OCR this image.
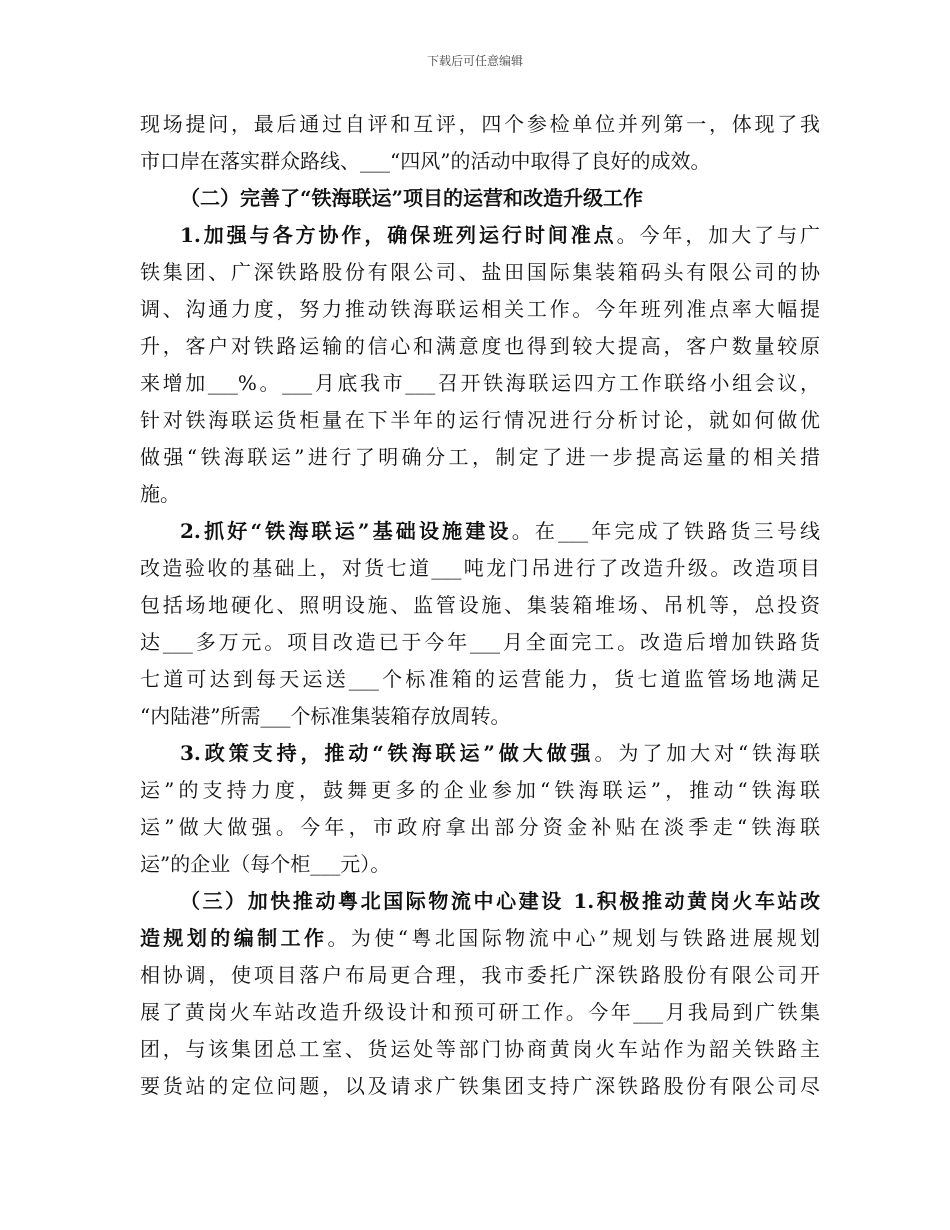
下载后可任意编辑
现场提问，最后通过自评和互评，四个参检单位并列第一，体现了我
市口岸在落实群众路线、___“四风”的活动中取得了良好的成效。
（二）完善了“铁海联运”项目的运营和改造升级工作
1.加强与各方协作，确保班列运行时间准点。今年，加大了与广
铁集团、广深铁路股份有限公司、盐田国际集装箱码头有限公司的协
调、沟通力度，努力推动铁海联运相关工作。今年班列准点率大幅提
升，客户对铁路运输的信心和满意度也得到较大提高，客户数量较原
来增加___%。___月底我市___召开铁海联运四方工作联络小组会议，
针对铁海联运货柜量在下半年的运行情况进行分析讨论，就如何做优
做强“铁海联运”进行了明确分工，制定了进一步提高运量的相关措
施。
2.抓好“铁海联运”基础设施建设。在___年完成了铁路货三号线
改造验收的基础上，对货七道___吨龙门吊进行了改造升级。改造项目
包括场地硬化、照明设施、监管设施、集装箱堆场、吊机等，总投资
达___多万元。项目改造已于今年___月全面完工。改造后增加铁路货
七道可达到每天运送___个标准箱的运营能力，货七道监管场地满足
“内陆港”所需___个标准集装箱存放周转。
3.政策支持，推动“铁海联运”做大做强。为了加大对“铁海联
运”的支持力度，鼓舞更多的企业参加“铁海联运”，推动“铁海联
运”做大做强。今年，市政府拿出部分资金补贴在淡季走“铁海联
运”的企业（每个柜___元）。
（三）加快推动粤北国际物流中心建设 1.积极推动黄岗火车站改
造规划的编制工作。为使“粤北国际物流中心”规划与铁路进展规划
相协调，使项目落户布局更合理，我市委托广深铁路股份有限公司开
展了黄岗火车站改造升级设计和预可研工作。今年___月我局到广铁集
团，与该集团总工室、货运处等部门协商黄岗火车站作为韶关铁路主
要货站的定位问题，以及请求广铁集团支持广深铁路股份有限公司尽
